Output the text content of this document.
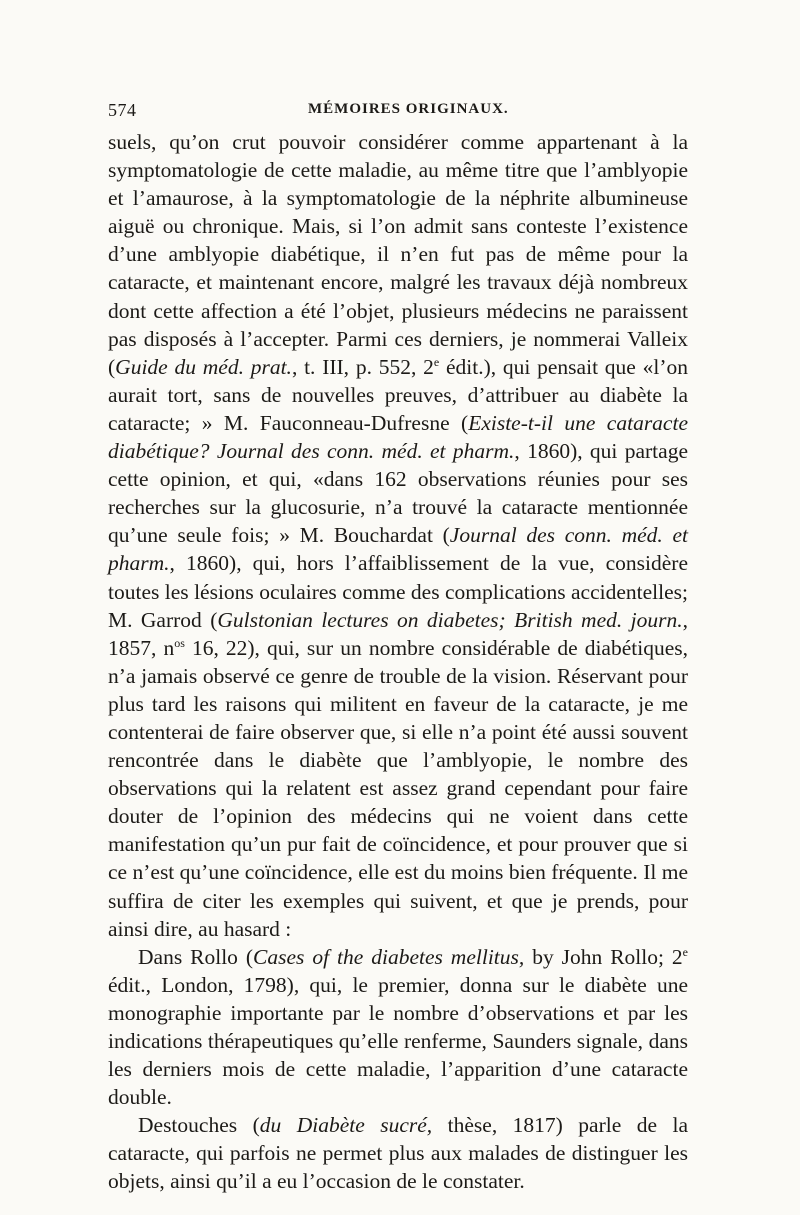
574	MÉMOIRES ORIGINAUX.

suels, qu’on crut pouvoir considérer comme appartenant à la symptomatologie de cette maladie, au même titre que l’amblyopie et l’amaurose, à la symptomatologie de la néphrite albumineuse aiguë ou chronique. Mais, si l’on admit sans conteste l’existence d’une amblyopie diabétique, il n’en fut pas de même pour la cataracte, et maintenant encore, malgré les travaux déjà nombreux dont cette affection a été l’objet, plusieurs médecins ne paraissent pas disposés à l’accepter. Parmi ces derniers, je nommerai Valleix (Guide du méd. prat., t. III, p. 552, 2e édit.), qui pensait que «l’on aurait tort, sans de nouvelles preuves, d’attribuer au diabète la cataracte; » M. Fauconneau-Dufresne (Existe-t-il une cataracte diabétique? Journal des conn. méd. et pharm., 1860), qui partage cette opinion, et qui, «dans 162 observations réunies pour ses recherches sur la glucosurie, n’a trouvé la cataracte mentionnée qu’une seule fois; » M. Bouchardat (Journal des conn. méd. et pharm., 1860), qui, hors l’affaiblissement de la vue, considère toutes les lésions oculaires comme des complications accidentelles; M. Garrod (Gulstonian lectures on diabetes; British med. journ., 1857, $n^{os}$ 16, 22), qui, sur un nombre considérable de diabétiques, n’a jamais observé ce genre de trouble de la vision. Réservant pour plus tard les raisons qui militent en faveur de la cataracte, je me contenterai de faire observer que, si elle n’a point été aussi souvent rencontrée dans le diabète que l’amblyopie, le nombre des observations qui la relatent est assez grand cependant pour faire douter de l’opinion des médecins qui ne voient dans cette manifestation qu’un pur fait de coïncidence, et pour prouver que si ce n’est qu’une coïncidence, elle est du moins bien fréquente. Il me suffira de citer les exemples qui suivent, et que je prends, pour ainsi dire, au hasard :

Dans Rollo (Cases of the diabetes mellitus, by John Rollo; 2e édit., London, 1798), qui, le premier, donna sur le diabète une monographie importante par le nombre d’observations et par les indications thérapeutiques qu’elle renferme, Saunders signale, dans les derniers mois de cette maladie, l’apparition d’une cataracte double.

Destouches (du Diabète sucré, thèse, 1817) parle de la cataracte, qui parfois ne permet plus aux malades de distinguer les objets, ainsi qu’il a eu l’occasion de le constater.
